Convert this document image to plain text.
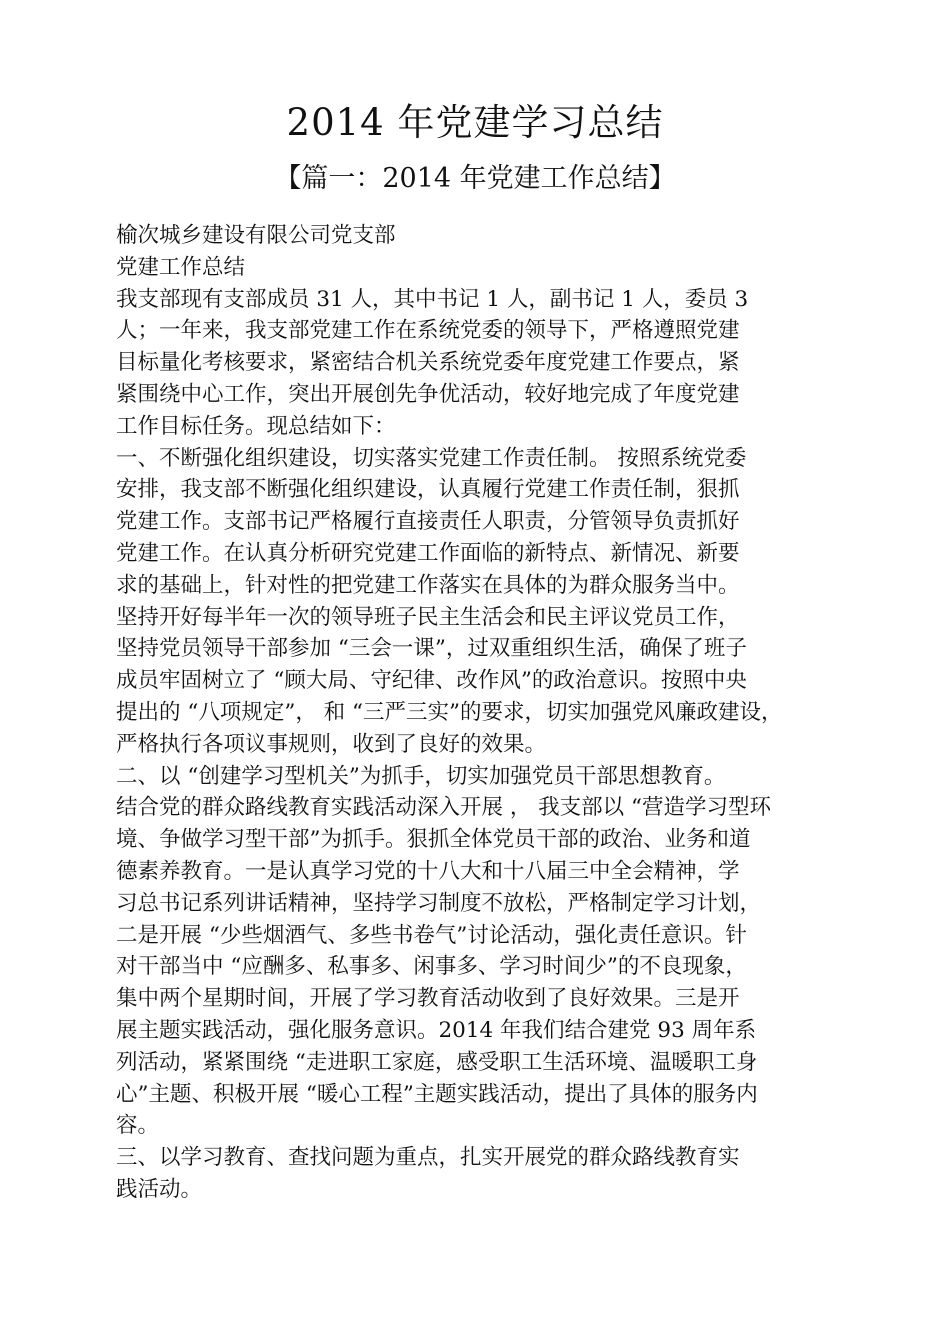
2014 年党建学习总结
【篇一：2014 年党建工作总结】
榆次城乡建设有限公司党支部
党建工作总结
我支部现有支部成员 31 人，其中书记 1 人，副书记 1 人，委员 3
人；一年来，我支部党建工作在系统党委的领导下，严格遵照党建
目标量化考核要求，紧密结合机关系统党委年度党建工作要点，紧
紧围绕中心工作，突出开展创先争优活动，较好地完成了年度党建
工作目标任务。现总结如下：
一、不断强化组织建设，切实落实党建工作责任制。 按照系统党委
安排，我支部不断强化组织建设，认真履行党建工作责任制，狠抓
党建工作。支部书记严格履行直接责任人职责，分管领导负责抓好
党建工作。在认真分析研究党建工作面临的新特点、新情况、新要
求的基础上，针对性的把党建工作落实在具体的为群众服务当中。
坚持开好每半年一次的领导班子民主生活会和民主评议党员工作，
坚持党员领导干部参加 “三会一课”，过双重组织生活，确保了班子
成员牢固树立了 “顾大局、守纪律、改作风”的政治意识。按照中央
提出的 “八项规定”， 和 “三严三实”的要求，切实加强党风廉政建设，
严格执行各项议事规则，收到了良好的效果。
二、以 “创建学习型机关”为抓手，切实加强党员干部思想教育。
结合党的群众路线教育实践活动深入开展 ， 我支部以 “营造学习型环
境、争做学习型干部”为抓手。狠抓全体党员干部的政治、业务和道
德素养教育。一是认真学习党的十八大和十八届三中全会精神，学
习总书记系列讲话精神，坚持学习制度不放松，严格制定学习计划，
二是开展 “少些烟酒气、多些书卷气”讨论活动，强化责任意识。针
对干部当中 “应酬多、私事多、闲事多、学习时间少”的不良现象，
集中两个星期时间，开展了学习教育活动收到了良好效果。三是开
展主题实践活动，强化服务意识。2014 年我们结合建党 93 周年系
列活动，紧紧围绕 “走进职工家庭，感受职工生活环境、温暖职工身
心”主题、积极开展 “暖心工程”主题实践活动，提出了具体的服务内
容。
三、以学习教育、查找问题为重点，扎实开展党的群众路线教育实
践活动。
